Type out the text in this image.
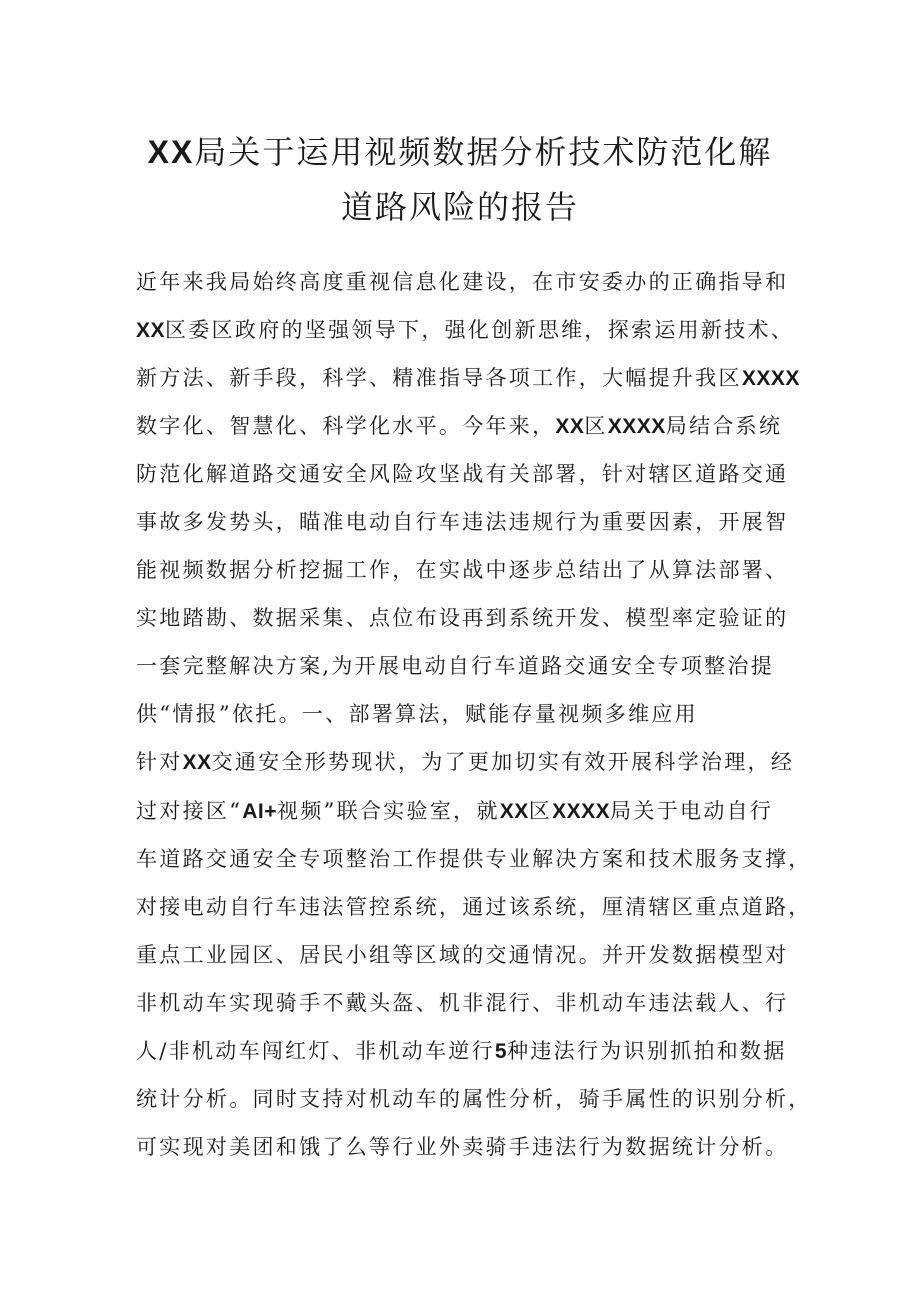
XX局关于运用视频数据分析技术防范化解
道路风险的报告

近年来我局始终高度重视信息化建设，在市安委办的正确指导和

XX区委区政府的坚强领导下，强化创新思维，探索运用新技术、

新方法、新手段，科学、精准指导各项工作，大幅提升我区XXXX

数字化、智慧化、科学化水平。今年来，XX区XXXX局结合系统

防范化解道路交通安全风险攻坚战有关部署，针对辖区道路交通

事故多发势头，瞄准电动自行车违法违规行为重要因素，开展智

能视频数据分析挖掘工作，在实战中逐步总结出了从算法部署、

实地踏勘、数据采集、点位布设再到系统开发、模型率定验证的

一套完整解决方案,为开展电动自行车道路交通安全专项整治提

供“情报”依托。一、部署算法，赋能存量视频多维应用

针对XX交通安全形势现状，为了更加切实有效开展科学治理，经

过对接区“AI+视频”联合实验室，就XX区XXXX局关于电动自行

车道路交通安全专项整治工作提供专业解决方案和技术服务支撑，

对接电动自行车违法管控系统，通过该系统，厘清辖区重点道路，

重点工业园区、居民小组等区域的交通情况。并开发数据模型对

非机动车实现骑手不戴头盔、机非混行、非机动车违法载人、行

人/非机动车闯红灯、非机动车逆行5种违法行为识别抓拍和数据

统计分析。同时支持对机动车的属性分析，骑手属性的识别分析，

可实现对美团和饿了么等行业外卖骑手违法行为数据统计分析。
